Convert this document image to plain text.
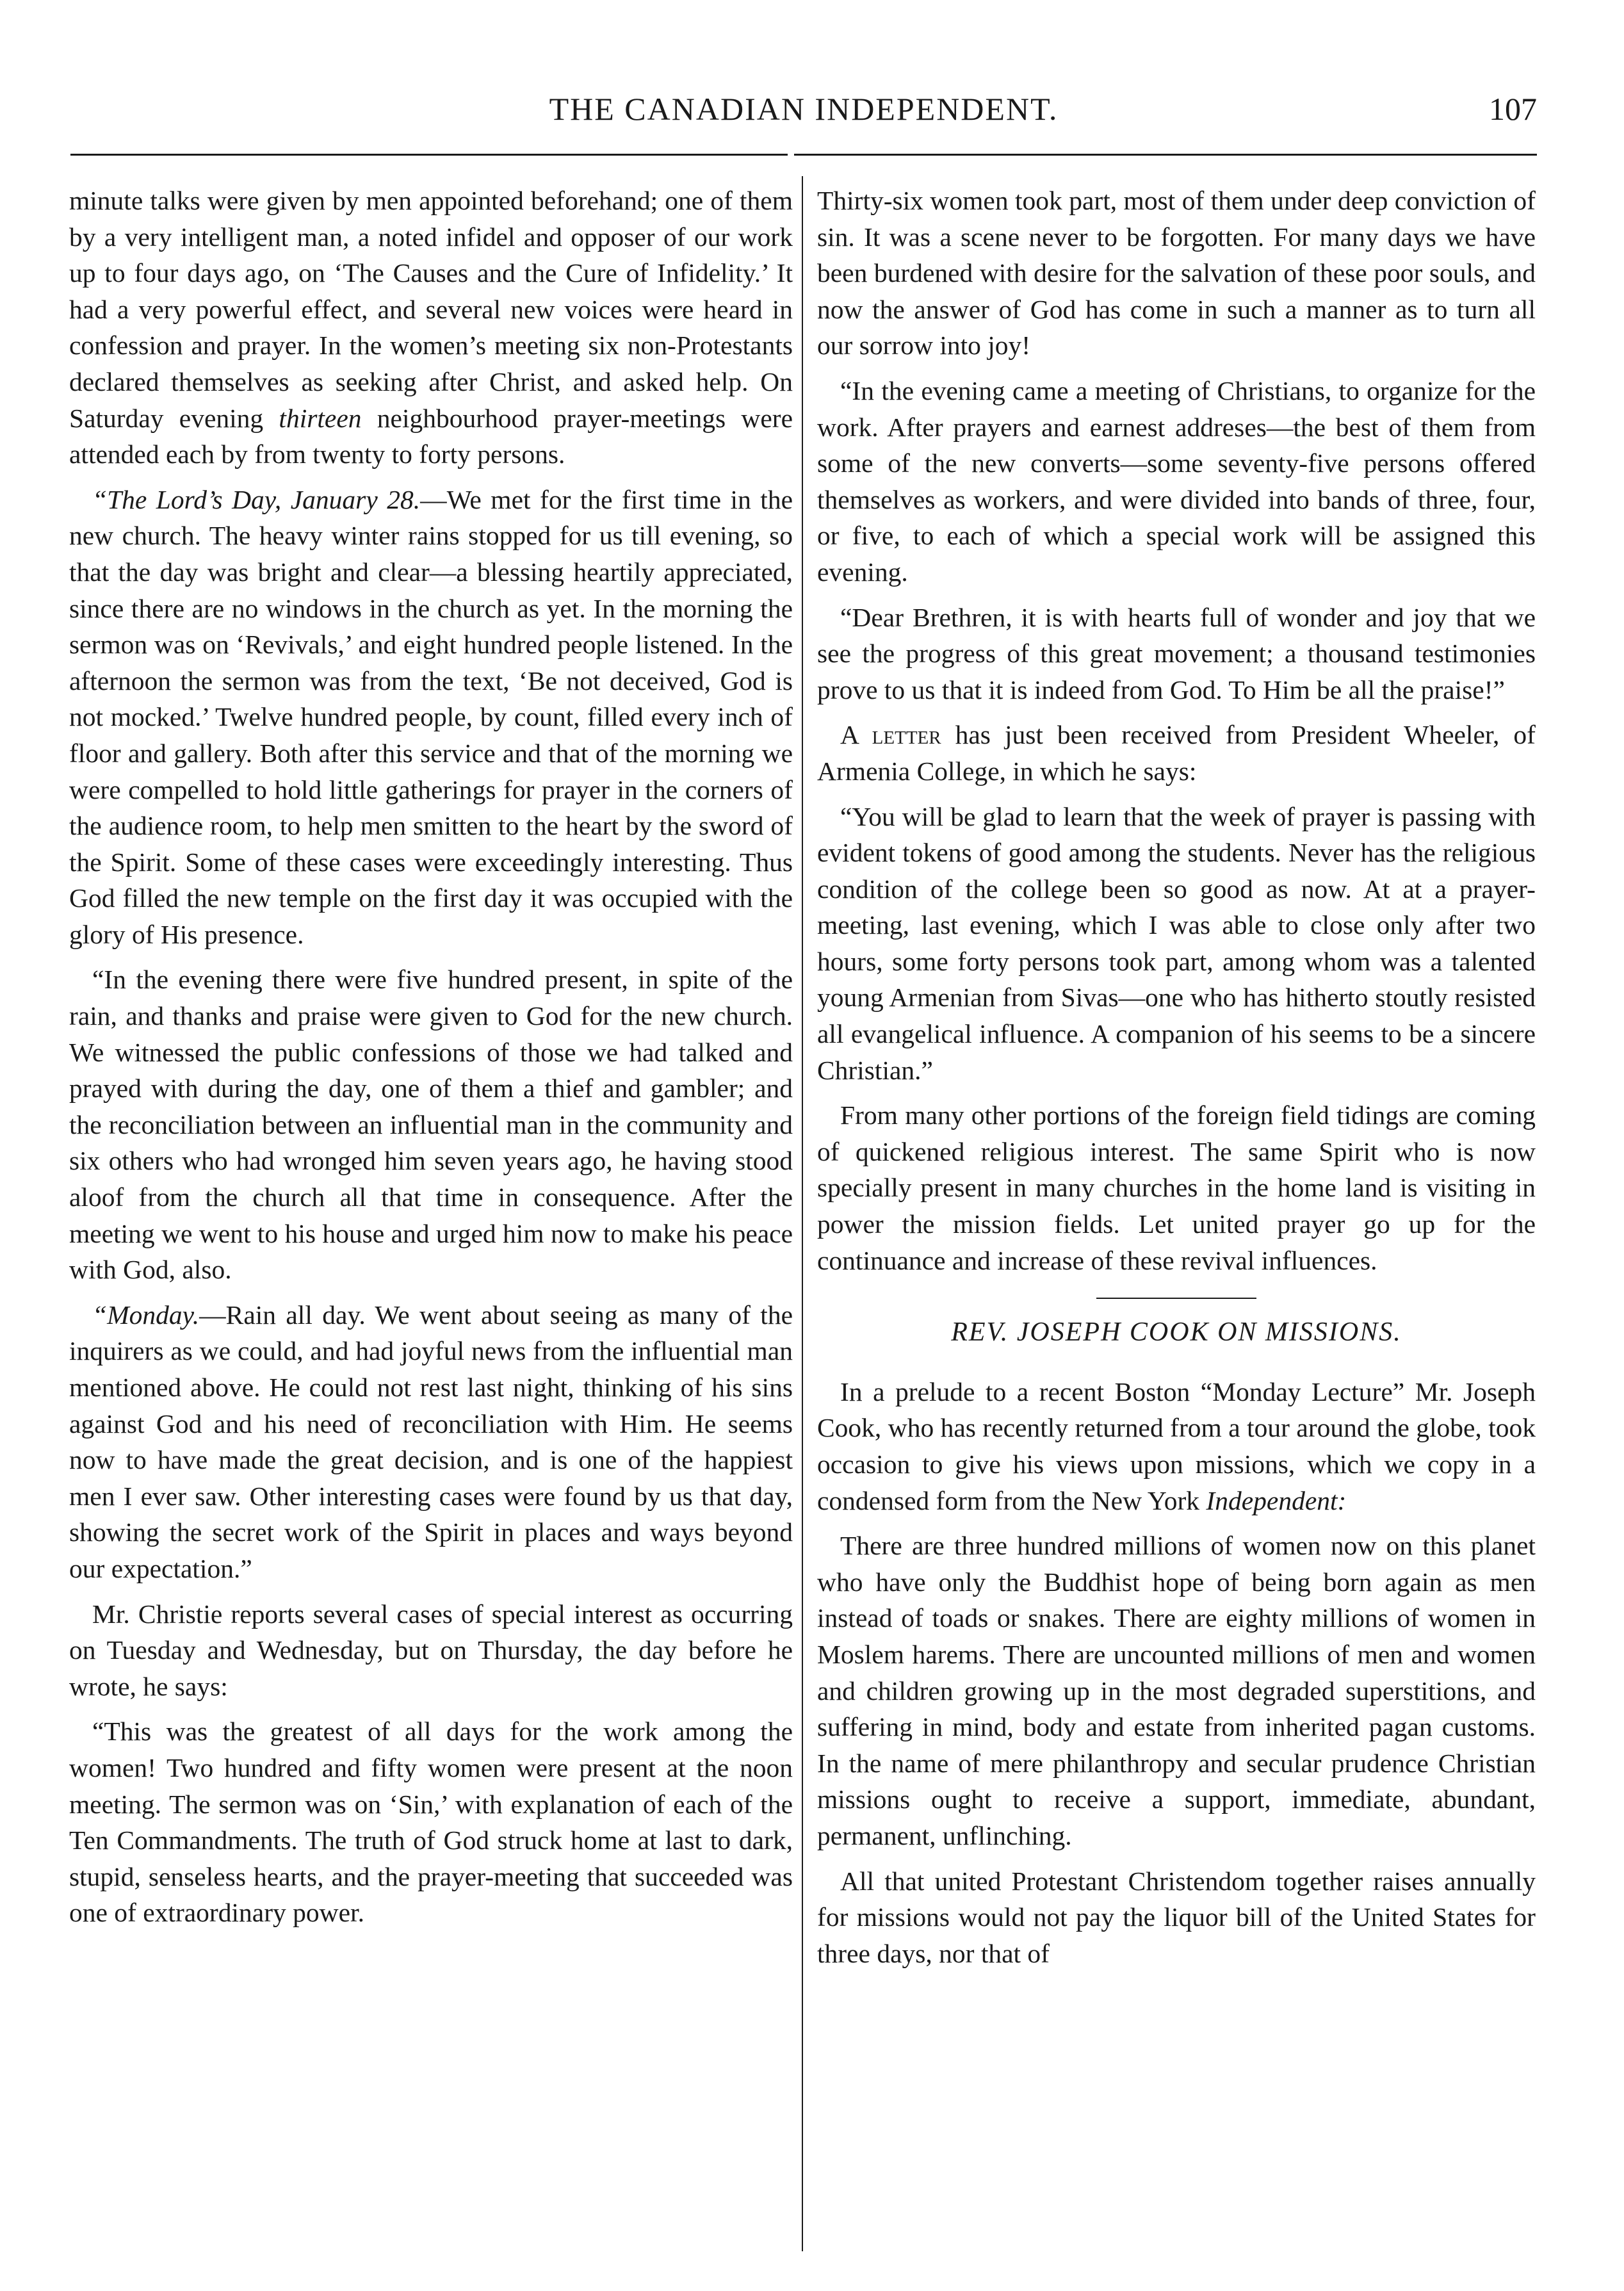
THE CANADIAN INDEPENDENT.	107

minute talks were given by men appointed beforehand; one of them by a very intelligent man, a noted infidel and opposer of our work up to four days ago, on ‘The Causes and the Cure of Infidelity.’ It had a very powerful effect, and several new voices were heard in confession and prayer. In the women’s meeting six non-Protestants declared themselves as seeking after Christ, and asked help. On Saturday evening thirteen neighbourhood prayer-meetings were attended each by from twenty to forty persons.

“The Lord’s Day, January 28.—We met for the first time in the new church. The heavy winter rains stopped for us till evening, so that the day was bright and clear—a blessing heartily appreciated, since there are no windows in the church as yet. In the morning the sermon was on ‘Revivals,’ and eight hundred people listened. In the afternoon the sermon was from the text, ‘Be not deceived, God is not mocked.’ Twelve hundred people, by count, filled every inch of floor and gallery. Both after this service and that of the morning we were compelled to hold little gatherings for prayer in the corners of the audience room, to help men smitten to the heart by the sword of the Spirit. Some of these cases were exceedingly interesting. Thus God filled the new temple on the first day it was occupied with the glory of His presence.

“In the evening there were five hundred present, in spite of the rain, and thanks and praise were given to God for the new church. We witnessed the public confessions of those we had talked and prayed with during the day, one of them a thief and gambler; and the reconciliation between an influential man in the community and six others who had wronged him seven years ago, he having stood aloof from the church all that time in consequence. After the meeting we went to his house and urged him now to make his peace with God, also.

“Monday.—Rain all day. We went about seeing as many of the inquirers as we could, and had joyful news from the influential man mentioned above. He could not rest last night, thinking of his sins against God and his need of reconciliation with Him. He seems now to have made the great decision, and is one of the happiest men I ever saw. Other interesting cases were found by us that day, showing the secret work of the Spirit in places and ways beyond our expectation.”

Mr. Christie reports several cases of special interest as occurring on Tuesday and Wednesday, but on Thursday, the day before he wrote, he says:

“This was the greatest of all days for the work among the women! Two hundred and fifty women were present at the noon meeting. The sermon was on ‘Sin,’ with explanation of each of the Ten Commandments. The truth of God struck home at last to dark, stupid, senseless hearts, and the prayer-meeting that succeeded was one of extraordinary power.

Thirty-six women took part, most of them under deep conviction of sin. It was a scene never to be forgotten. For many days we have been burdened with desire for the salvation of these poor souls, and now the answer of God has come in such a manner as to turn all our sorrow into joy!

“In the evening came a meeting of Christians, to organize for the work. After prayers and earnest addreses—the best of them from some of the new converts—some seventy-five persons offered themselves as workers, and were divided into bands of three, four, or five, to each of which a special work will be assigned this evening.

“Dear Brethren, it is with hearts full of wonder and joy that we see the progress of this great movement; a thousand testimonies prove to us that it is indeed from God. To Him be all the praise!”

A letter has just been received from President Wheeler, of Armenia College, in which he says:

“You will be glad to learn that the week of prayer is passing with evident tokens of good among the students. Never has the religious condition of the college been so good as now. At at a prayer-meeting, last evening, which I was able to close only after two hours, some forty persons took part, among whom was a talented young Armenian from Sivas—one who has hitherto stoutly resisted all evangelical influence. A companion of his seems to be a sincere Christian.”

From many other portions of the foreign field tidings are coming of quickened religious interest. The same Spirit who is now specially present in many churches in the home land is visiting in power the mission fields. Let united prayer go up for the continuance and increase of these revival influences.

REV. JOSEPH COOK ON MISSIONS.

In a prelude to a recent Boston “Monday Lecture” Mr. Joseph Cook, who has recently returned from a tour around the globe, took occasion to give his views upon missions, which we copy in a condensed form from the New York Independent:

There are three hundred millions of women now on this planet who have only the Buddhist hope of being born again as men instead of toads or snakes. There are eighty millions of women in Moslem harems. There are uncounted millions of men and women and children growing up in the most degraded superstitions, and suffering in mind, body and estate from inherited pagan customs. In the name of mere philanthropy and secular prudence Christian missions ought to receive a support, immediate, abundant, permanent, unflinching.

All that united Protestant Christendom together raises annually for missions would not pay the liquor bill of the United States for three days, nor that of
